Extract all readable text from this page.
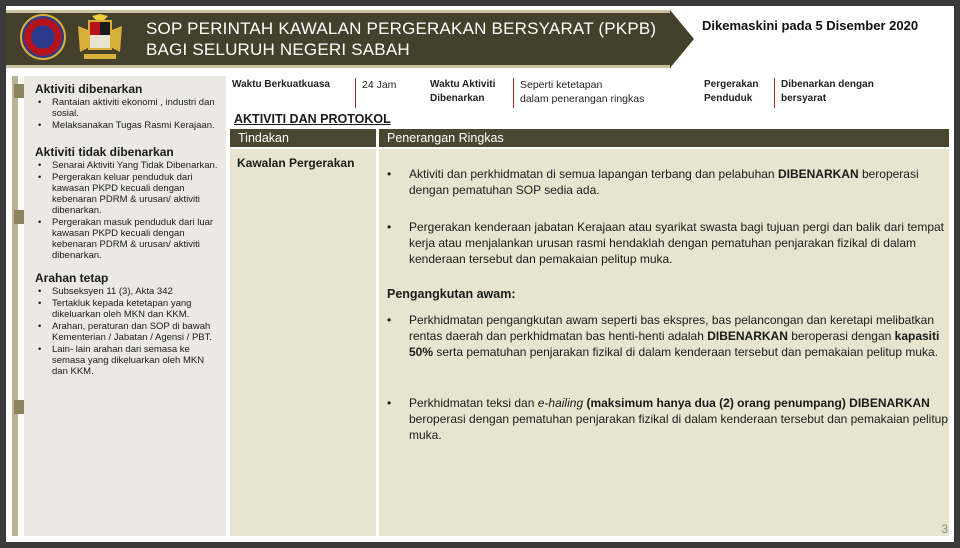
SOP PERINTAH KAWALAN PERGERAKAN BERSYARAT (PKPB)
BAGI SELURUH NEGERI SABAH
Dikemaskini pada 5 Disember 2020
Aktiviti dibenarkan
• Rantaian aktiviti ekonomi , industri dan sosial.
• Melaksanakan Tugas Rasmi Kerajaan.
Aktiviti tidak dibenarkan
• Senarai Aktiviti Yang Tidak Dibenarkan.
• Pergerakan keluar penduduk dari kawasan PKPD kecuali dengan kebenaran PDRM & urusan/ aktiviti dibenarkan.
• Pergerakan masuk penduduk dari luar kawasan PKPD kecuali dengan kebenaran PDRM & urusan/ aktiviti dibenarkan.
Arahan tetap
• Subseksyen 11 (3), Akta 342
• Tertakluk kepada ketetapan yang dikeluarkan oleh MKN dan KKM.
• Arahan, peraturan dan SOP di bawah Kementerian / Jabatan / Agensi / PBT.
• Lain- lain arahan dari semasa ke semasa yang dikeluarkan oleh MKN dan KKM.
Waktu Berkuatkuasa	24 Jam	Waktu Aktiviti
Dibenarkan
Seperti ketetapan
dalam penerangan ringkas
Pergerakan
Penduduk
Dibenarkan dengan
bersyarat
AKTIVITI DAN PROTOKOL
Tindakan	Penerangan Ringkas
Kawalan Pergerakan
• Aktiviti dan perkhidmatan di semua lapangan terbang dan pelabuhan DIBENARKAN beroperasi dengan pematuhan SOP sedia ada.
• Pergerakan kenderaan jabatan Kerajaan atau syarikat swasta bagi tujuan pergi dan balik dari tempat kerja atau menjalankan urusan rasmi hendaklah dengan pematuhan penjarakan fizikal di dalam kenderaan tersebut dan pemakaian pelitup muka.
Pengangkutan awam:
• Perkhidmatan pengangkutan awam seperti bas ekspres, bas pelancongan dan keretapi melibatkan rentas daerah dan perkhidmatan bas henti-henti adalah DIBENARKAN beroperasi dengan kapasiti 50% serta pematuhan penjarakan fizikal di dalam kenderaan tersebut dan pemakaian pelitup muka.
• Perkhidmatan teksi dan e-hailing (maksimum hanya dua (2) orang penumpang) DIBENARKAN beroperasi dengan pematuhan penjarakan fizikal di dalam kenderaan tersebut dan pemakaian pelitup muka.
3
